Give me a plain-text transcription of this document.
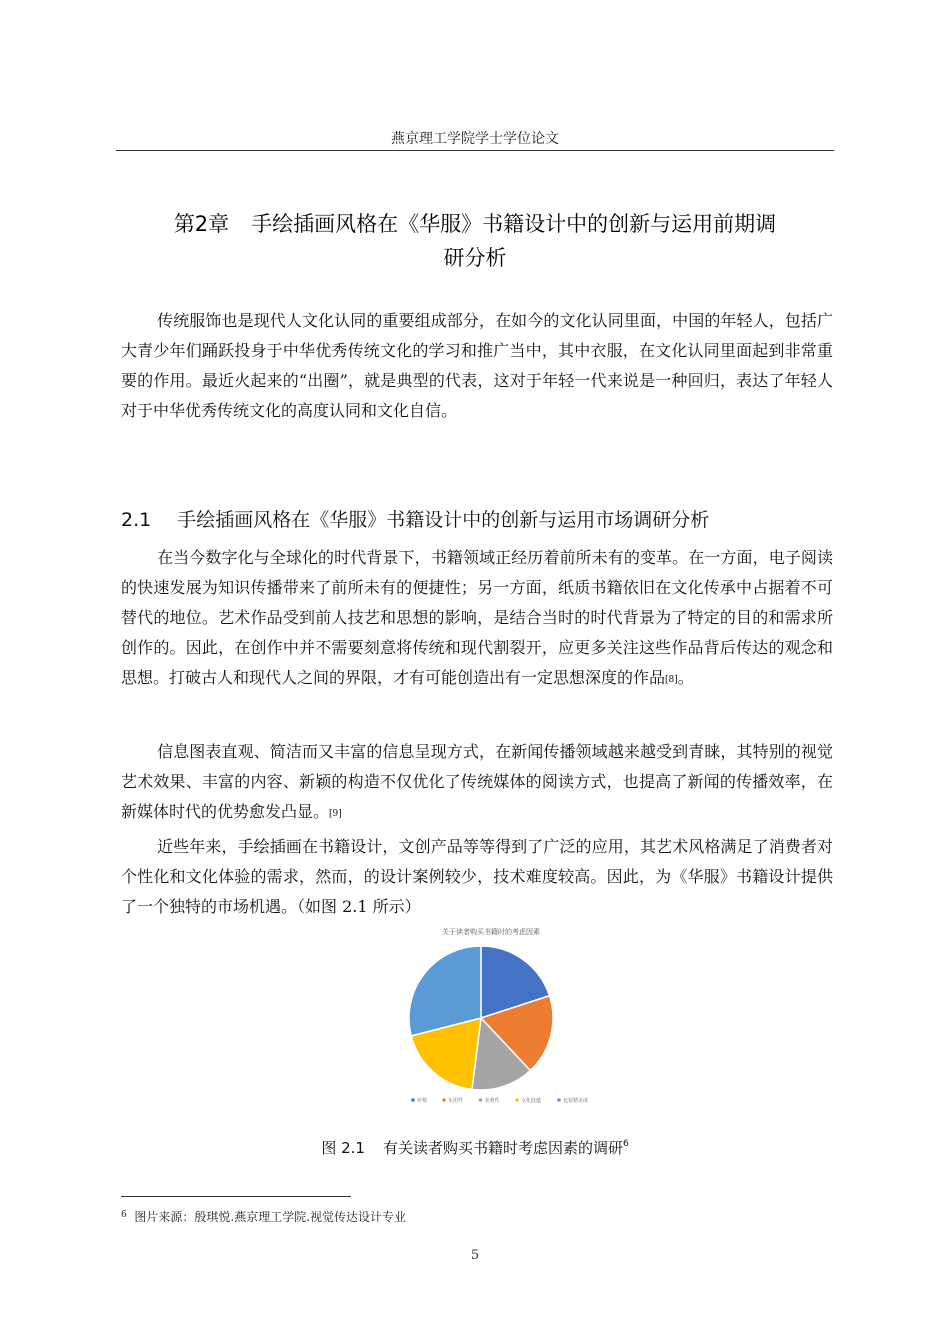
燕京理工学院学士学位论文
第2章 手绘插画风格在《华服》书籍设计中的创新与运用前期调
研分析

传统服饰也是现代人文化认同的重要组成部分，在如今的文化认同里面，中国的年轻人，包括广大青少年们踊跃投身于中华优秀传统文化的学习和推广当中，其中衣服，在文化认同里面起到非常重要的作用。最近火起来的“出圈”，就是典型的代表，这对于年轻一代来说是一种回归，表达了年轻人对于中华优秀传统文化的高度认同和文化自信。

2.1 手绘插画风格在《华服》书籍设计中的创新与运用市场调研分析

在当今数字化与全球化的时代背景下，书籍领域正经历着前所未有的变革。在一方面，电子阅读的快速发展为知识传播带来了前所未有的便捷性；另一方面，纸质书籍依旧在文化传承中占据着不可替代的地位。艺术作品受到前人技艺和思想的影响，是结合当时的时代背景为了特定的目的和需求所创作的。因此，在创作中并不需要刻意将传统和现代割裂开，应更多关注这些作品背后传达的观念和思想。打破古人和现代人之间的界限，才有可能创造出有一定思想深度的作品[8]。

信息图表直观、简洁而又丰富的信息呈现方式，在新闻传播领域越来越受到青睐，其特别的视觉艺术效果、丰富的内容、新颖的构造不仅优化了传统媒体的阅读方式，也提高了新闻的传播效率，在新媒体时代的优势愈发凸显。[9]

近些年来，手绘插画在书籍设计，文创产品等等得到了广泛的应用，其艺术风格满足了消费者对个性化和文化体验的需求，然而，的设计案例较少，技术难度较高。因此，为《华服》书籍设计提供了一个独特的市场机遇。（如图 2.1 所示）

关于读者购买书籍时的考虑因素
价格	实用性	美观性	文化底蕴	包装精美度
图 2.1 有关读者购买书籍时考虑因素的调研$^6$
$^6$ 图片来源：殷琪悦.燕京理工学院.视觉传达设计专业
5
